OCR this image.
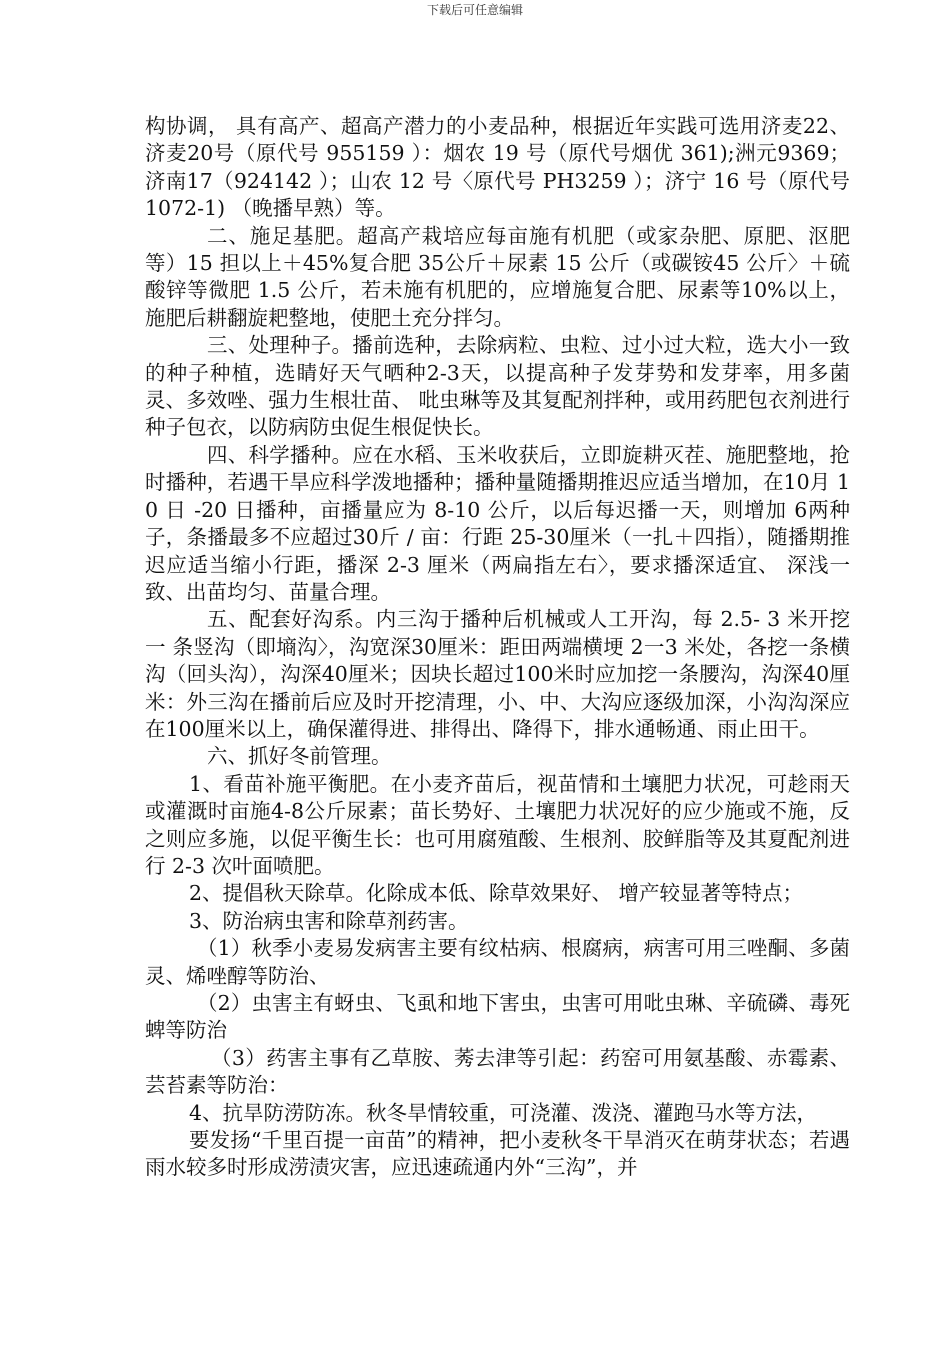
下载后可任意编辑

构协调， 具有高产、超高产潜力的小麦品种，根据近年实践可选用济麦22、济麦20号（原代号 955159 ）：烟农 19 号（原代号烟优 361);洲元9369；济南17（924142 ）；山农 12 号〈原代号 PH3259 ）；济宁 16 号（原代号1072-1) （晚播早熟）等。

二、施足基肥。超高产栽培应每亩施有机肥（或家杂肥、原肥、沤肥等）15 担以上＋45%复合肥 35公斤＋尿素 15 公斤（或碳铵45 公斤〉＋硫酸锌等微肥 1.5 公斤，若未施有机肥的，应增施复合肥、尿素等10%以上，施肥后耕翻旋耙整地，使肥土充分拌匀。

三、处理种子。播前选种，去除病粒、虫粒、过小过大粒，选大小一致的种子种植，选睛好天气晒种2-3天，以提高种子发芽势和发芽率，用多菌灵、多效唑、强力生根壮苗、 吡虫琳等及其复配剂拌种，或用药肥包衣剂进行种子包衣，以防病防虫促生根促快长。

四、科学播种。应在水稻、玉米收获后，立即旋耕灭茬、施肥整地，抢时播种，若遇干旱应科学泼地播种；播种量随播期推迟应适当增加，在10月 10 日 -20 日播种，亩播量应为 8-10 公斤，以后每迟播一天，则增加 6两种子，条播最多不应超过30斤 / 亩：行距 25-30厘米（一扎＋四指），随播期推迟应适当缩小行距，播深 2-3 厘米（两扁指左右〉，要求播深适宜、 深浅一致、出苗均匀、苗量合理。

五、配套好沟系。内三沟于播种后机械或人工开沟，每 2.5- 3 米开挖一 条竖沟（即墒沟〉，沟宽深30厘米：距田两端横埂 2一3 米处，各挖一条横 沟（回头沟），沟深40厘米；因块长超过100米时应加挖一条腰沟，沟深40厘米：外三沟在播前后应及时开挖清理，小、中、大沟应逐级加深，小沟沟深应在100厘米以上，确保灌得进、排得出、降得下，排水通畅通、雨止田干。

六、抓好冬前管理。

1、看苗补施平衡肥。在小麦齐苗后，视苗情和土壤肥力状况，可趁雨天或灌溉时亩施4-8公斤尿素；苗长势好、土壤肥力状况好的应少施或不施，反之则应多施，以促平衡生长：也可用腐殖酸、生根剂、胶鲜脂等及其夏配剂进行 2-3 次叶面喷肥。

2、提倡秋天除草。化除成本低、除草效果好、 增产较显著等特点；

3、防治病虫害和除草剂药害。

（1）秋季小麦易发病害主要有纹枯病、根腐病，病害可用三唑酮、多菌灵、烯唑醇等防治、

（2）虫害主有蚜虫、飞虱和地下害虫，虫害可用吡虫琳、辛硫磷、毒死蜱等防治

（3）药害主事有乙草胺、莠去津等引起：药窑可用氨基酸、赤霉素、芸苔素等防治：

4、抗旱防涝防冻。秋冬旱情较重，可浇灌、泼浇、灌跑马水等方法，

要发扬“千里百提一亩苗”的精神，把小麦秋冬干旱消灭在萌芽状态；若遇雨水较多时形成涝渍灾害，应迅速疏通内外“三沟”，并
